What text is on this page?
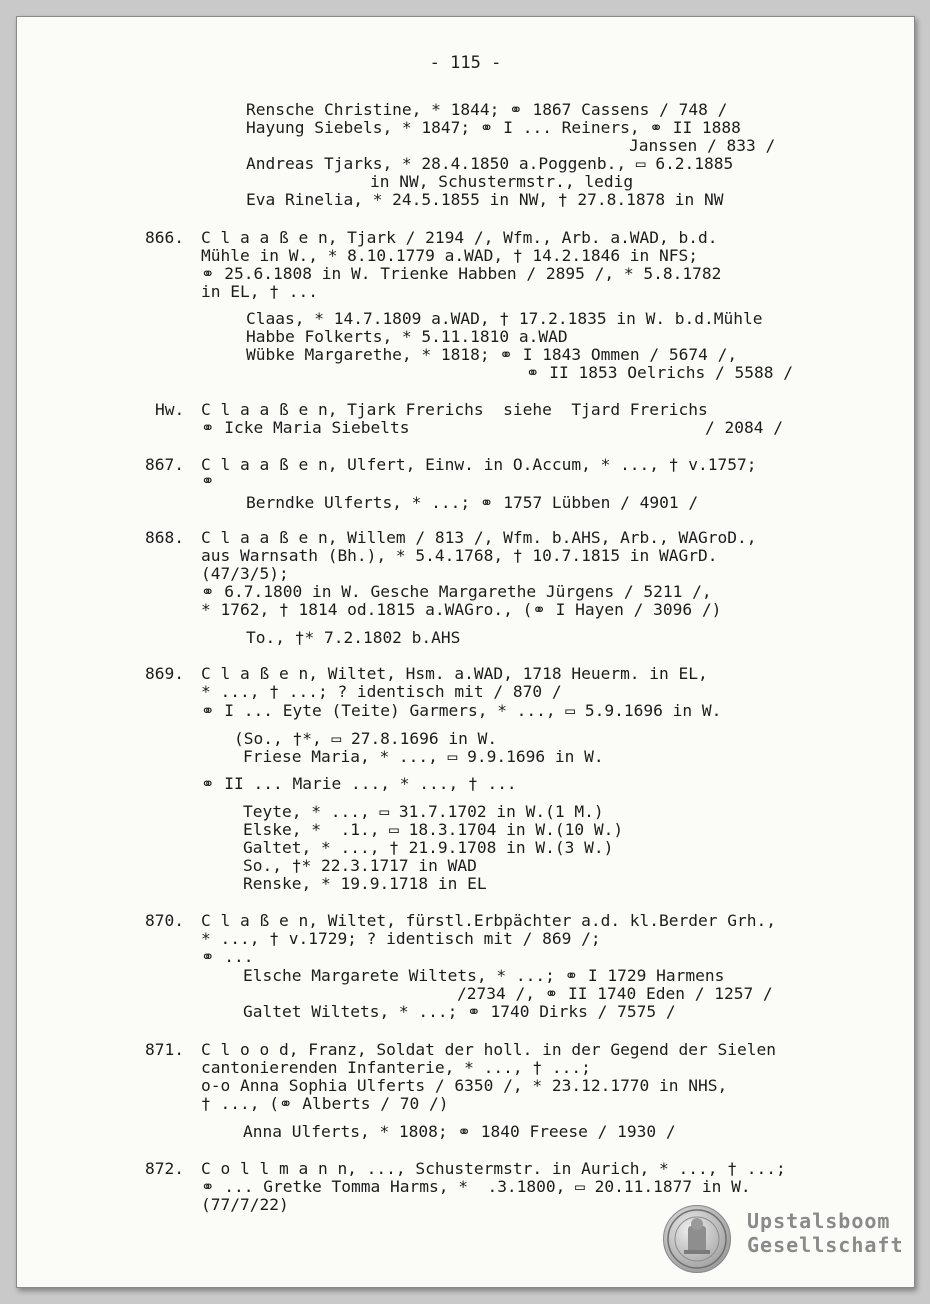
- 115 -
Rensche Christine, * 1844; ⚭ 1867 Cassens / 748 /
Hayung Siebels, * 1847; ⚭ I ... Reiners, ⚭ II 1888
Janssen / 833 /
Andreas Tjarks, * 28.4.1850 a.Poggenb., ▭ 6.2.1885
in NW, Schustermstr., ledig
Eva Rinelia, * 24.5.1855 in NW, † 27.8.1878 in NW
866. C l a a ß e n, Tjark / 2194 /, Wfm., Arb. a.WAD, b.d.
Mühle in W., * 8.10.1779 a.WAD, † 14.2.1846 in NFS;
⚭ 25.6.1808 in W. Trienke Habben / 2895 /, * 5.8.1782
in EL, † ...
Claas, * 14.7.1809 a.WAD, † 17.2.1835 in W. b.d.Mühle
Habbe Folkerts, * 5.11.1810 a.WAD
Wübke Margarethe, * 1818; ⚭ I 1843 Ommen / 5674 /,
⚭ II 1853 Oelrichs / 5588 /
Hw. C l a a ß e n, Tjark Frerichs  siehe  Tjard Frerichs
⚭ Icke Maria Siebelts	/ 2084 /
867. C l a a ß e n, Ulfert, Einw. in O.Accum, * ..., † v.1757;
⚭
Berndke Ulferts, * ...; ⚭ 1757 Lübben / 4901 /
868. C l a a ß e n, Willem / 813 /, Wfm. b.AHS, Arb., WAGroD.,
aus Warnsath (Bh.), * 5.4.1768, † 10.7.1815 in WAGrD.
(47/3/5);
⚭ 6.7.1800 in W. Gesche Margarethe Jürgens / 5211 /,
* 1762, † 1814 od.1815 a.WAGro., (⚭ I Hayen / 3096 /)
To., †* 7.2.1802 b.AHS
869. C l a ß e n, Wiltet, Hsm. a.WAD, 1718 Heuerm. in EL,
* ..., † ...; ? identisch mit / 870 /
⚭ I ... Eyte (Teite) Garmers, * ..., ▭ 5.9.1696 in W.
(So., †*, ▭ 27.8.1696 in W.
Friese Maria, * ..., ▭ 9.9.1696 in W.
⚭ II ... Marie ..., * ..., † ...
Teyte, * ..., ▭ 31.7.1702 in W.(1 M.)
Elske, *  .1., ▭ 18.3.1704 in W.(10 W.)
Galtet, * ..., † 21.9.1708 in W.(3 W.)
So., †* 22.3.1717 in WAD
Renske, * 19.9.1718 in EL
870. C l a ß e n, Wiltet, fürstl.Erbpächter a.d. kl.Berder Grh.,
* ..., † v.1729; ? identisch mit / 869 /;
⚭ ...
Elsche Margarete Wiltets, * ...; ⚭ I 1729 Harmens
/2734 /, ⚭ II 1740 Eden / 1257 /
Galtet Wiltets, * ...; ⚭ 1740 Dirks / 7575 /
871. C l o o d, Franz, Soldat der holl. in der Gegend der Sielen
cantonierenden Infanterie, * ..., † ...;
o-o Anna Sophia Ulferts / 6350 /, * 23.12.1770 in NHS,
† ..., (⚭ Alberts / 70 /)
Anna Ulferts, * 1808; ⚭ 1840 Freese / 1930 /
872. C o l l m a n n, ..., Schustermstr. in Aurich, * ..., † ...;
⚭ ... Gretke Tomma Harms, *  .3.1800, ▭ 20.11.1877 in W.
(77/7/22)
Upstalsboom
Gesellschaft
